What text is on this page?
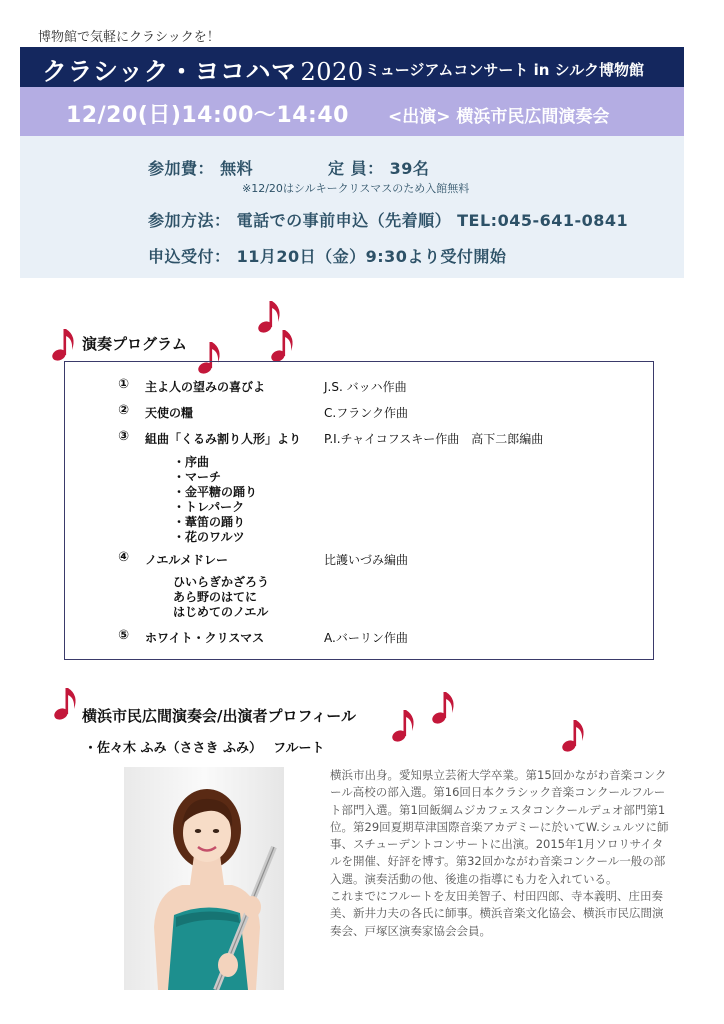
博物館で気軽にクラシックを！
クラシック・ヨコハマ 2020 ミュージアムコンサート in シルク博物館
12/20(日)14:00～14:40 <出演> 横浜市民広間演奏会
参加費： 無料	定 員： 39名
※12/20はシルキークリスマスのため入館無料
参加方法： 電話での事前申込（先着順） TEL:045-641-0841
申込受付： 11月20日（金）9:30より受付開始
演奏プログラム
① 主よ人の望みの喜びよ	J.S. バッハ作曲
② 天使の糧	C.フランク作曲
③ 組曲「くるみ割り人形」より P.I.チャイコフスキー作曲　高下二郎編曲
・序曲
・マーチ
・金平糖の踊り
・トレパーク
・葦笛の踊り
・花のワルツ
④ ノエルメドレー	比護いづみ編曲
ひいらぎかざろう
あら野のはてに
はじめてのノエル
⑤ ホワイト・クリスマス	A.バーリン作曲
横浜市民広間演奏会/出演者プロフィール
・佐々木 ふみ（ささき ふみ）　 フルート

横浜市出身。愛知県立芸術大学卒業。第15回かながわ音楽コンクール高校の部入選。第16回日本クラシック音楽コンクールフルート部門入選。第1回飯綱ムジカフェスタコンクールデュオ部門第1位。第29回夏期草津国際音楽アカデミーに於いてW.シュルツに師事、スチューデントコンサートに出演。2015年1月ソロリサイタルを開催、好評を博す。第32回かながわ音楽コンクール一般の部入選。演奏活動の他、後進の指導にも力を入れている。

これまでにフルートを友田美智子、村田四郎、寺本義明、庄田奏美、新井力夫の各氏に師事。横浜音楽文化協会、横浜市民広間演奏会、戸塚区演奏家協会会員。
